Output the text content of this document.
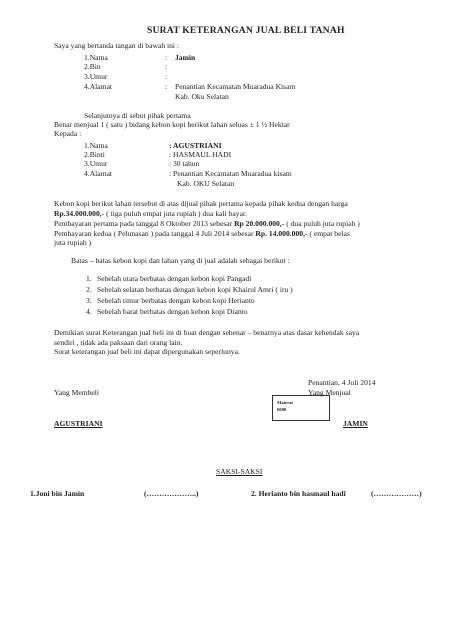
SURAT KETERANGAN JUAL BELI TANAH
Saya yang bertanda tangan di bawah ini :
1.Nama	: Jamin
2.Bin	:
3.Umur	:
4.Alamat	: Penantian Kecamatan Muaradua Kisam
Kab. Oku Selatan
Selanjutnya di sebut pihak pertama
Benar menjual 1 ( satu ) bidang kebon kopi berikut lahan seluas ± 1 ½ Hektar
Kepada :
1.Nama	: AGUSTRIANI
2.Binti	: HASMAUL HADI
3.Umur	: 30 tahun
4.Alamat	: Penantian Kecamatan Muaradua kisam
Kab. OKU Selatan
Kebon kopi berikut lahan tersebut di atas dijual pihak pertama kepada pihak kedua dengan harga
Rp.34.000.000,- ( tiga puluh empat juta rupiah ) dua kali bayar.
Pembayaran pertama pada tanggal 8 Oktober 2013 sebesar Rp 20.000.000,- ( dua puluh juta rupiah )
Pembayaran kedua ( Pelunasan ) pada tanggal 4 Juli 2014 sebesar Rp. 14.000.000,- ( empat belas
juta rupiah )
Batas – batas kebon kopi dan lahan yang di jual adalah sebagai berikut :
1. Sebelah utara berbatas dengan kebon kopi Pangadi
2. Sebelah selatan berbatas dengan kebon kopi Khairul Amri ( iru )
3. Sebelah timur berbatas dengan kebon kopi Herianto
4. Sebelah barat berbatas dengan kebon kopi Dianto
Demikian surat Keterangan jual beli ini di buat dengan sebenar – benarnya atas dasar kehendak saya
sendiri , tidak ada paksaan dari orang lain.
Surat keterangan jual beli ini dapat dipergunakan seperlunya.
Penantian, 4 Juli 2014
Yang Membeli	Yang Menjual
Materai
6000
AGUSTRIANI	JAMIN
SAKSI-SAKSI
1.Joni bin Jamin	(………………..)	2. Herianto bin hasmaul hadi	(………………)
